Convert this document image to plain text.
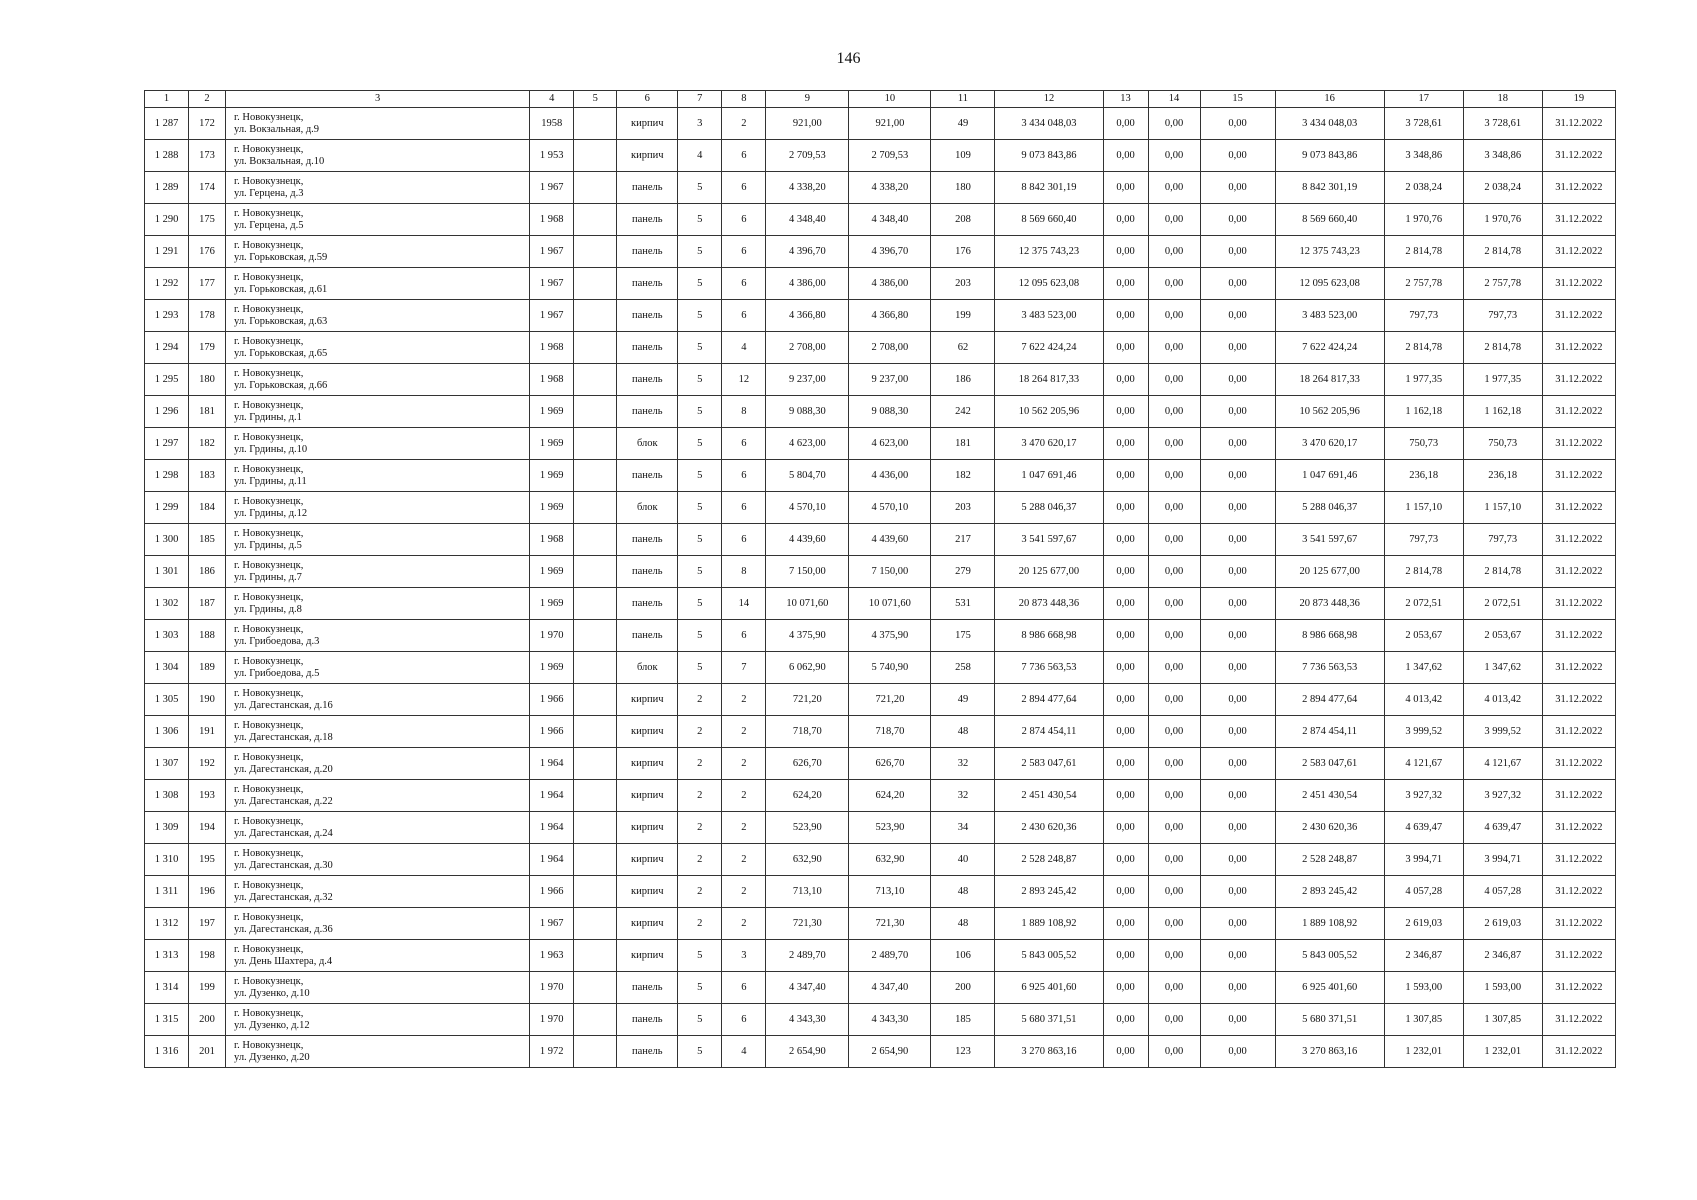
146
1	2	3	4	5	6	7	8	9	10	11	12	13	14	15	16	17	18	19
1 287	172	г. Новокузнецк,
ул. Вокзальная, д.9	1958		кирпич	3	2	921,00	921,00	49	3 434 048,03	0,00	0,00	0,00	3 434 048,03	3 728,61	3 728,61	31.12.2022
1 288	173	г. Новокузнецк,
ул. Вокзальная, д.10	1 953		кирпич	4	6	2 709,53	2 709,53	109	9 073 843,86	0,00	0,00	0,00	9 073 843,86	3 348,86	3 348,86	31.12.2022
1 289	174	г. Новокузнецк,
ул. Герцена, д.3	1 967		панель	5	6	4 338,20	4 338,20	180	8 842 301,19	0,00	0,00	0,00	8 842 301,19	2 038,24	2 038,24	31.12.2022
1 290	175	г. Новокузнецк,
ул. Герцена, д.5	1 968		панель	5	6	4 348,40	4 348,40	208	8 569 660,40	0,00	0,00	0,00	8 569 660,40	1 970,76	1 970,76	31.12.2022
1 291	176	г. Новокузнецк,
ул. Горьковская, д.59	1 967		панель	5	6	4 396,70	4 396,70	176	12 375 743,23	0,00	0,00	0,00	12 375 743,23	2 814,78	2 814,78	31.12.2022
1 292	177	г. Новокузнецк,
ул. Горьковская, д.61	1 967		панель	5	6	4 386,00	4 386,00	203	12 095 623,08	0,00	0,00	0,00	12 095 623,08	2 757,78	2 757,78	31.12.2022
1 293	178	г. Новокузнецк,
ул. Горьковская, д.63	1 967		панель	5	6	4 366,80	4 366,80	199	3 483 523,00	0,00	0,00	0,00	3 483 523,00	797,73	797,73	31.12.2022
1 294	179	г. Новокузнецк,
ул. Горьковская, д.65	1 968		панель	5	4	2 708,00	2 708,00	62	7 622 424,24	0,00	0,00	0,00	7 622 424,24	2 814,78	2 814,78	31.12.2022
1 295	180	г. Новокузнецк,
ул. Горьковская, д.66	1 968		панель	5	12	9 237,00	9 237,00	186	18 264 817,33	0,00	0,00	0,00	18 264 817,33	1 977,35	1 977,35	31.12.2022
1 296	181	г. Новокузнецк,
ул. Грдины, д.1	1 969		панель	5	8	9 088,30	9 088,30	242	10 562 205,96	0,00	0,00	0,00	10 562 205,96	1 162,18	1 162,18	31.12.2022
1 297	182	г. Новокузнецк,
ул. Грдины, д.10	1 969		блок	5	6	4 623,00	4 623,00	181	3 470 620,17	0,00	0,00	0,00	3 470 620,17	750,73	750,73	31.12.2022
1 298	183	г. Новокузнецк,
ул. Грдины, д.11	1 969		панель	5	6	5 804,70	4 436,00	182	1 047 691,46	0,00	0,00	0,00	1 047 691,46	236,18	236,18	31.12.2022
1 299	184	г. Новокузнецк,
ул. Грдины, д.12	1 969		блок	5	6	4 570,10	4 570,10	203	5 288 046,37	0,00	0,00	0,00	5 288 046,37	1 157,10	1 157,10	31.12.2022
1 300	185	г. Новокузнецк,
ул. Грдины, д.5	1 968		панель	5	6	4 439,60	4 439,60	217	3 541 597,67	0,00	0,00	0,00	3 541 597,67	797,73	797,73	31.12.2022
1 301	186	г. Новокузнецк,
ул. Грдины, д.7	1 969		панель	5	8	7 150,00	7 150,00	279	20 125 677,00	0,00	0,00	0,00	20 125 677,00	2 814,78	2 814,78	31.12.2022
1 302	187	г. Новокузнецк,
ул. Грдины, д.8	1 969		панель	5	14	10 071,60	10 071,60	531	20 873 448,36	0,00	0,00	0,00	20 873 448,36	2 072,51	2 072,51	31.12.2022
1 303	188	г. Новокузнецк,
ул. Грибоедова, д.3	1 970		панель	5	6	4 375,90	4 375,90	175	8 986 668,98	0,00	0,00	0,00	8 986 668,98	2 053,67	2 053,67	31.12.2022
1 304	189	г. Новокузнецк,
ул. Грибоедова, д.5	1 969		блок	5	7	6 062,90	5 740,90	258	7 736 563,53	0,00	0,00	0,00	7 736 563,53	1 347,62	1 347,62	31.12.2022
1 305	190	г. Новокузнецк,
ул. Дагестанская, д.16	1 966		кирпич	2	2	721,20	721,20	49	2 894 477,64	0,00	0,00	0,00	2 894 477,64	4 013,42	4 013,42	31.12.2022
1 306	191	г. Новокузнецк,
ул. Дагестанская, д.18	1 966		кирпич	2	2	718,70	718,70	48	2 874 454,11	0,00	0,00	0,00	2 874 454,11	3 999,52	3 999,52	31.12.2022
1 307	192	г. Новокузнецк,
ул. Дагестанская, д.20	1 964		кирпич	2	2	626,70	626,70	32	2 583 047,61	0,00	0,00	0,00	2 583 047,61	4 121,67	4 121,67	31.12.2022
1 308	193	г. Новокузнецк,
ул. Дагестанская, д.22	1 964		кирпич	2	2	624,20	624,20	32	2 451 430,54	0,00	0,00	0,00	2 451 430,54	3 927,32	3 927,32	31.12.2022
1 309	194	г. Новокузнецк,
ул. Дагестанская, д.24	1 964		кирпич	2	2	523,90	523,90	34	2 430 620,36	0,00	0,00	0,00	2 430 620,36	4 639,47	4 639,47	31.12.2022
1 310	195	г. Новокузнецк,
ул. Дагестанская, д.30	1 964		кирпич	2	2	632,90	632,90	40	2 528 248,87	0,00	0,00	0,00	2 528 248,87	3 994,71	3 994,71	31.12.2022
1 311	196	г. Новокузнецк,
ул. Дагестанская, д.32	1 966		кирпич	2	2	713,10	713,10	48	2 893 245,42	0,00	0,00	0,00	2 893 245,42	4 057,28	4 057,28	31.12.2022
1 312	197	г. Новокузнецк,
ул. Дагестанская, д.36	1 967		кирпич	2	2	721,30	721,30	48	1 889 108,92	0,00	0,00	0,00	1 889 108,92	2 619,03	2 619,03	31.12.2022
1 313	198	г. Новокузнецк,
ул. День Шахтера, д.4	1 963		кирпич	5	3	2 489,70	2 489,70	106	5 843 005,52	0,00	0,00	0,00	5 843 005,52	2 346,87	2 346,87	31.12.2022
1 314	199	г. Новокузнецк,
ул. Дузенко, д.10	1 970		панель	5	6	4 347,40	4 347,40	200	6 925 401,60	0,00	0,00	0,00	6 925 401,60	1 593,00	1 593,00	31.12.2022
1 315	200	г. Новокузнецк,
ул. Дузенко, д.12	1 970		панель	5	6	4 343,30	4 343,30	185	5 680 371,51	0,00	0,00	0,00	5 680 371,51	1 307,85	1 307,85	31.12.2022
1 316	201	г. Новокузнецк,
ул. Дузенко, д.20	1 972		панель	5	4	2 654,90	2 654,90	123	3 270 863,16	0,00	0,00	0,00	3 270 863,16	1 232,01	1 232,01	31.12.2022
